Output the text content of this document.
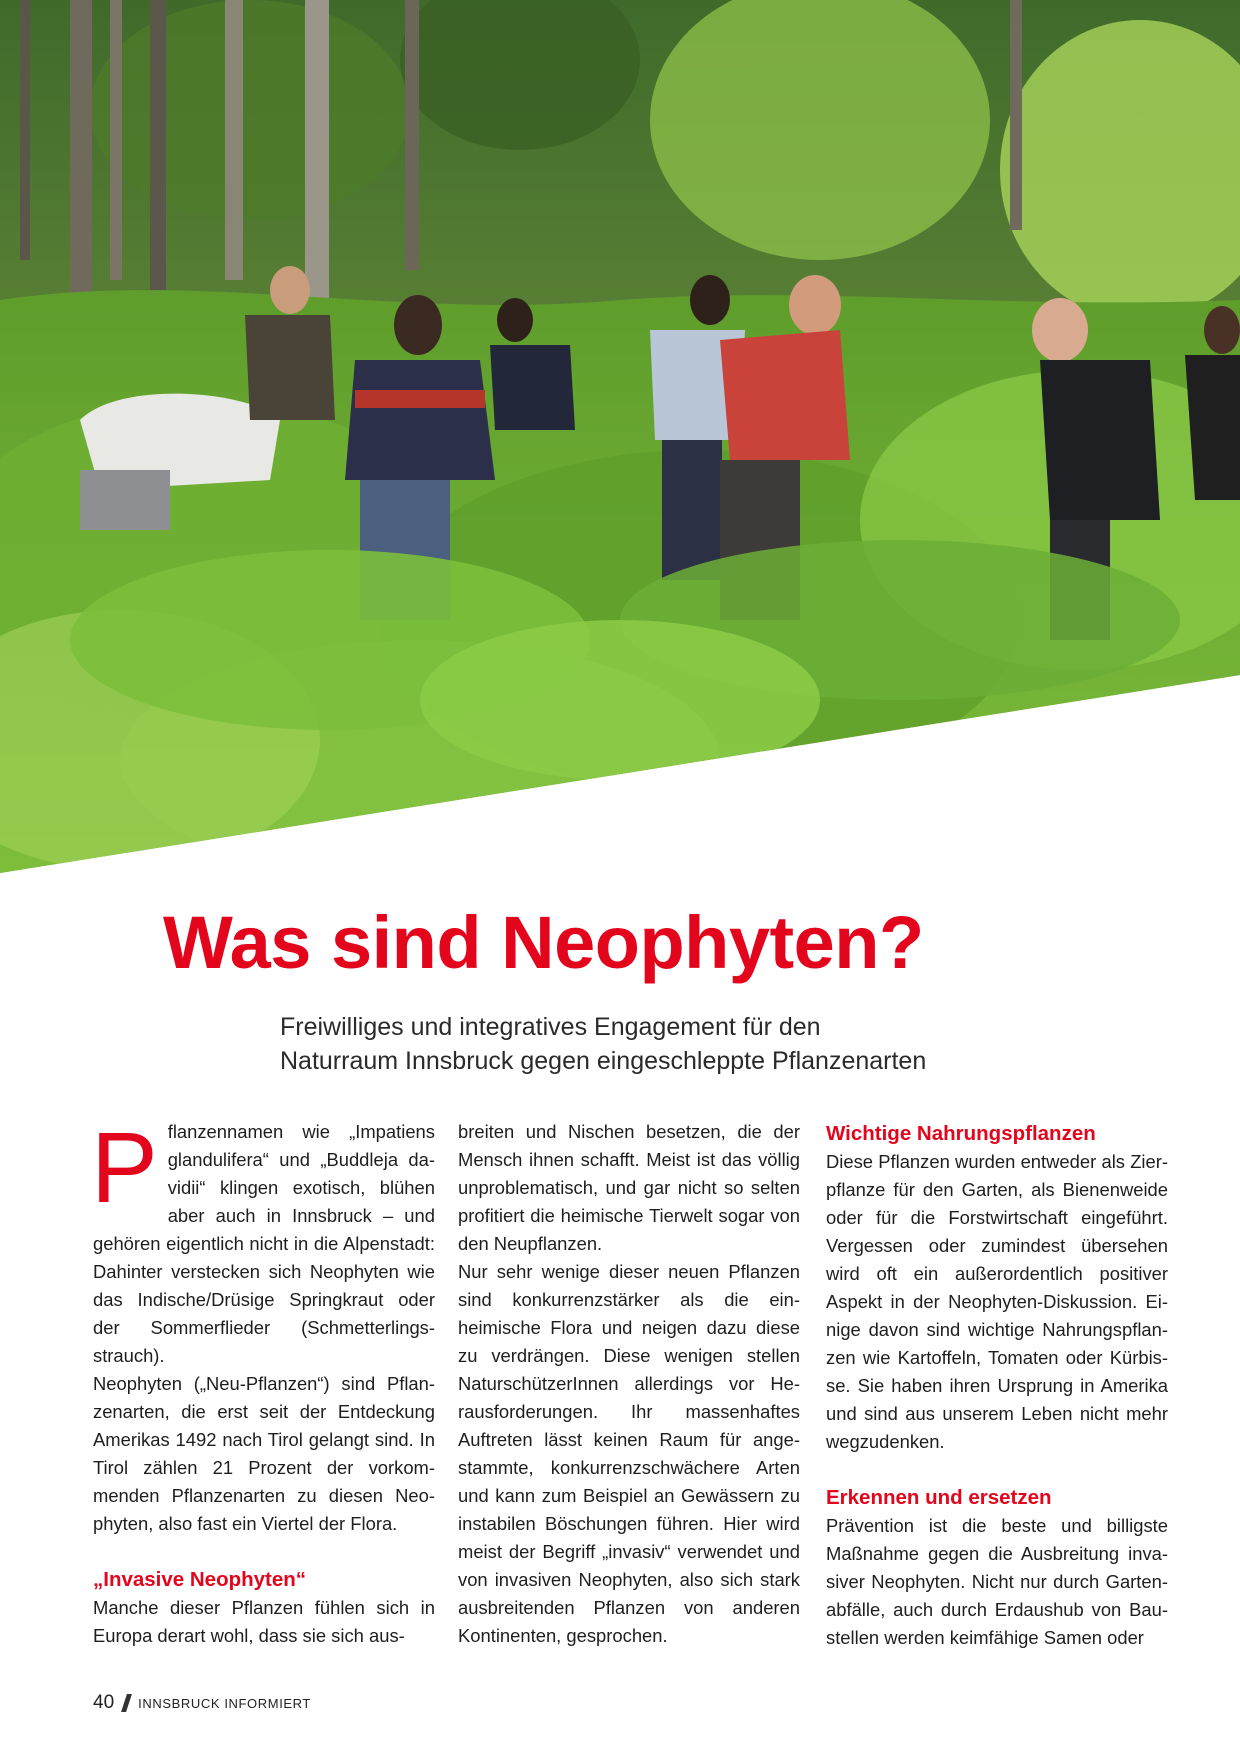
Was sind Neophyten?
Freiwilliges und integratives Engagement für den
Naturraum Innsbruck gegen eingeschleppte Pflanzenarten

Pflanzennamen wie „Impatiens glandulifera“ und „Buddleja davidii“ klingen exotisch, blühen aber auch in Innsbruck – und gehören eigentlich nicht in die Alpenstadt: Dahinter verstecken sich Neophyten wie das Indische/Drüsige Springkraut oder der Sommerflieder (Schmetterlingsstrauch).

Neophyten („Neu-Pflanzen“) sind Pflanzenarten, die erst seit der Entdeckung Amerikas 1492 nach Tirol gelangt sind. In Tirol zählen 21 Prozent der vorkommenden Pflanzenarten zu diesen Neophyten, also fast ein Viertel der Flora.

„Invasive Neophyten“

Manche dieser Pflanzen fühlen sich in Europa derart wohl, dass sie sich aus-

breiten und Nischen besetzen, die der Mensch ihnen schafft. Meist ist das völlig unproblematisch, und gar nicht so selten profitiert die heimische Tierwelt sogar von den Neupflanzen.

Nur sehr wenige dieser neuen Pflanzen sind konkurrenzstärker als die einheimische Flora und neigen dazu diese zu verdrängen. Diese wenigen stellen NaturschützerInnen allerdings vor Herausforderungen. Ihr massenhaftes Auftreten lässt keinen Raum für angestammte, konkurrenzschwächere Arten und kann zum Beispiel an Gewässern zu instabilen Böschungen führen. Hier wird meist der Begriff „invasiv“ verwendet und von invasiven Neophyten, also sich stark ausbreitenden Pflanzen von anderen Kontinenten, gesprochen.

Wichtige Nahrungspflanzen

Diese Pflanzen wurden entweder als Zierpflanze für den Garten, als Bienenweide oder für die Forstwirtschaft eingeführt. Vergessen oder zumindest übersehen wird oft ein außerordentlich positiver Aspekt in der Neophyten-Diskussion. Einige davon sind wichtige Nahrungspflanzen wie Kartoffeln, Tomaten oder Kürbisse. Sie haben ihren Ursprung in Amerika und sind aus unserem Leben nicht mehr wegzudenken.

Erkennen und ersetzen

Prävention ist die beste und billigste Maßnahme gegen die Ausbreitung invasiver Neophyten. Nicht nur durch Gartenabfälle, auch durch Erdaushub von Baustellen werden keimfähige Samen oder

40 INNSBRUCK INFORMIERT
